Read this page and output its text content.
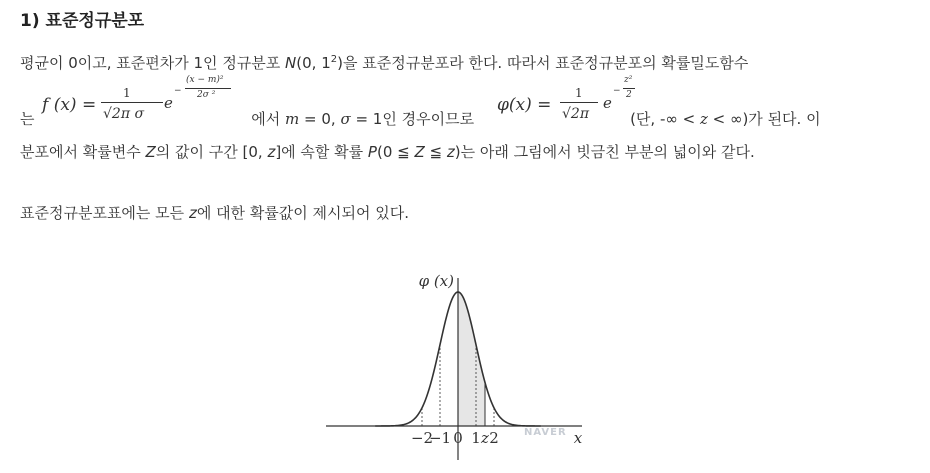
1) 표준정규분포
평균이 0이고, 표준편차가 1인 정규분포 N(0, $1^2$)을 표준정규분포라 한다. 따라서 표준정규분포의 확률밀도함수
는	에서 m = 0, σ = 1인 경우이므로	(단, -∞ < z < ∞)가 된다. 이
분포에서 확률변수 Z의 값이 구간 [0, z]에 속할 확률 P(0 ≦ Z ≦ z)는 아래 그림에서 빗금친 부분의 넓이와 같다.
표준정규분포표에는 모든 z에 대한 확률값이 제시되어 있다.
f (x) =
1
√2π σ
e
−
(x − m)²
2σ ²	φ(x) =
1
√2π
e
−
z²
2
−2
−1 0 1 z 2
φ (x)
x
NAVER
